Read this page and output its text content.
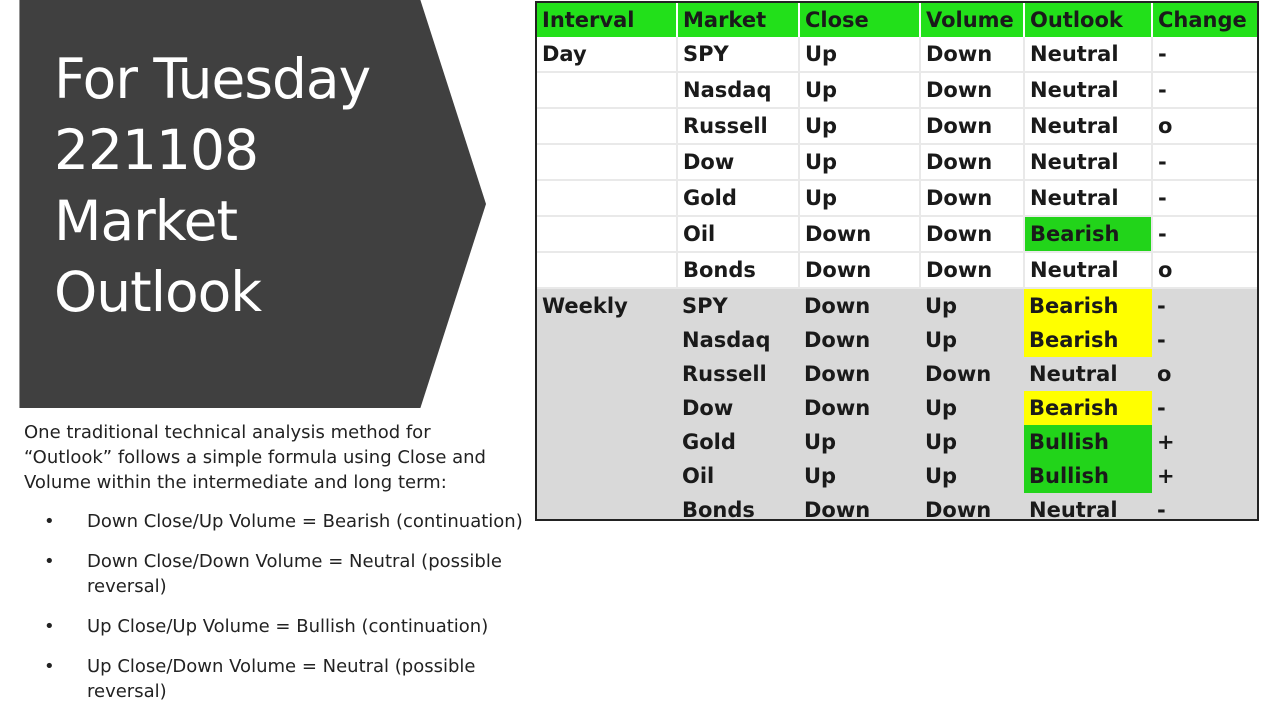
For Tuesday
221108
Market
Outlook

One traditional technical analysis method for “Outlook” follows a simple formula using Close and Volume within the intermediate and long term:

• Down Close/Up Volume = Bearish (continuation)
• Down Close/Down Volume = Neutral (possible reversal)
• Up Close/Up Volume = Bullish (continuation)
• Up Close/Down Volume = Neutral (possible reversal)
Interval	Market	Close	Volume	Outlook	Change
Day	SPY	Up	Down	Neutral	-
	Nasdaq	Up	Down	Neutral	-
	Russell	Up	Down	Neutral	o
	Dow	Up	Down	Neutral	-
	Gold	Up	Down	Neutral	-
	Oil	Down	Down	Bearish	-
	Bonds	Down	Down	Neutral	o
Weekly	SPY	Down	Up	Bearish	-
	Nasdaq	Down	Up	Bearish	-
	Russell	Down	Down	Neutral	o
	Dow	Down	Up	Bearish	-
	Gold	Up	Up	Bullish	+
	Oil	Up	Up	Bullish	+
	Bonds	Down	Down	Neutral	-
